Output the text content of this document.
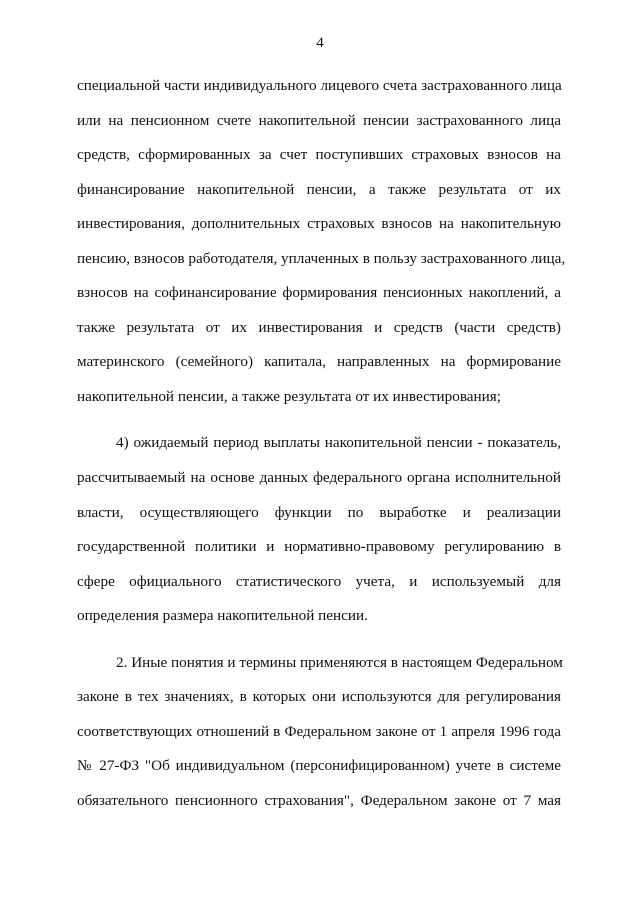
4
специальной части индивидуального лицевого счета застрахованного лица
или на пенсионном счете накопительной пенсии застрахованного лица
средств, сформированных за счет поступивших страховых взносов на
финансирование накопительной пенсии, а также результата от их
инвестирования, дополнительных страховых взносов на накопительную
пенсию, взносов работодателя, уплаченных в пользу застрахованного лица,
взносов на софинансирование формирования пенсионных накоплений, а
также результата от их инвестирования и средств (части средств)
материнского (семейного) капитала, направленных на формирование
накопительной пенсии, а также результата от их инвестирования;
4) ожидаемый период выплаты накопительной пенсии - показатель,
рассчитываемый на основе данных федерального органа исполнительной
власти, осуществляющего функции по выработке и реализации
государственной политики и нормативно-правовому регулированию в
сфере официального статистического учета, и используемый для
определения размера накопительной пенсии.
2. Иные понятия и термины применяются в настоящем Федеральном
законе в тех значениях, в которых они используются для регулирования
соответствующих отношений в Федеральном законе от 1 апреля 1996 года
№ 27-ФЗ "Об индивидуальном (персонифицированном) учете в системе
обязательного пенсионного страхования", Федеральном законе от 7 мая
